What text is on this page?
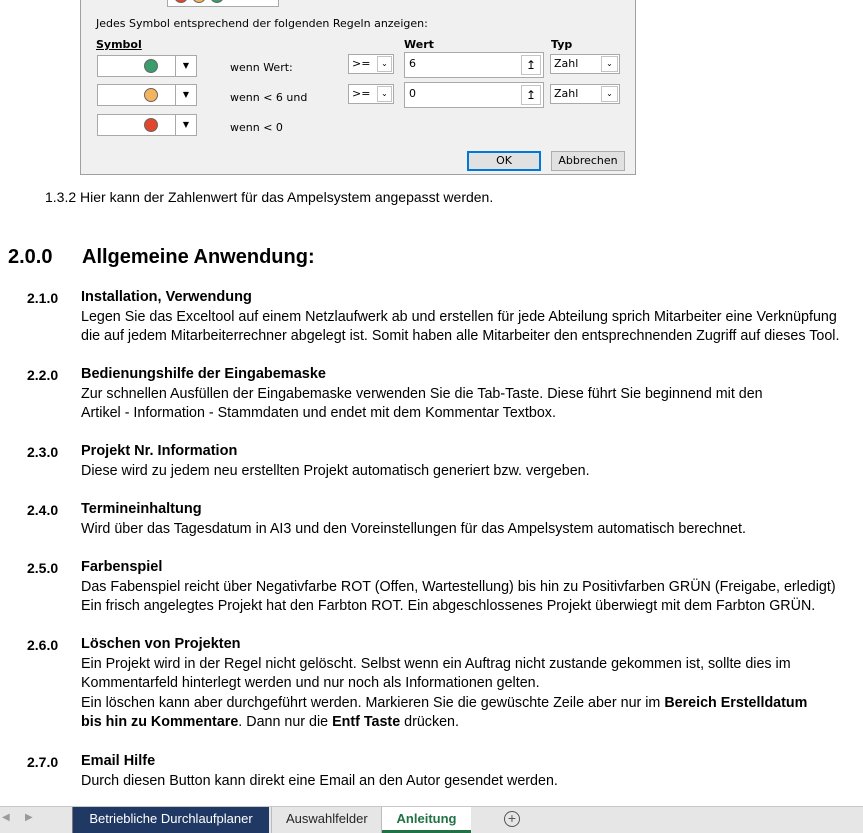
Jedes Symbol entsprechend der folgenden Regeln anzeigen:
Symbol	Wert	Typ
▼	wenn Wert:	>=	⌄	6	↥	Zahl	⌄
▼	wenn < 6 und	>=	⌄	0	↥	Zahl	⌄
▼	wenn < 0
OK	Abbrechen
1.3.2 Hier kann der Zahlenwert für das Ampelsystem angepasst werden.
2.0.0 Allgemeine Anwendung:
2.1.0 Installation, Verwendung

Legen Sie das Exceltool auf einem Netzlaufwerk ab und erstellen für jede Abteilung sprich Mitarbeiter eine Verknüpfung

die auf jedem Mitarbeiterrechner abgelegt ist. Somit haben alle Mitarbeiter den entsprechnenden Zugriff auf dieses Tool.

2.2.0 Bedienungshilfe der Eingabemaske

Zur schnellen Ausfüllen der Eingabemaske verwenden Sie die Tab-Taste. Diese führt Sie beginnend mit den

Artikel - Information - Stammdaten und endet mit dem Kommentar Textbox.

2.3.0 Projekt Nr. Information

Diese wird zu jedem neu erstellten Projekt automatisch generiert bzw. vergeben.

2.4.0 Termineinhaltung

Wird über das Tagesdatum in AI3 und den Voreinstellungen für das Ampelsystem automatisch berechnet.

2.5.0 Farbenspiel

Das Fabenspiel reicht über Negativfarbe ROT (Offen, Wartestellung) bis hin zu Positivfarben GRÜN (Freigabe, erledigt)

Ein frisch angelegtes Projekt hat den Farbton ROT. Ein abgeschlossenes Projekt überwiegt mit dem Farbton GRÜN.

2.6.0 Löschen von Projekten

Ein Projekt wird in der Regel nicht gelöscht. Selbst wenn ein Auftrag nicht zustande gekommen ist, sollte dies im

Kommentarfeld hinterlegt werden und nur noch als Informationen gelten.

Ein löschen kann aber durchgeführt werden. Markieren Sie die gewüschte Zeile aber nur im Bereich Erstelldatum

bis hin zu Kommentare. Dann nur die Entf Taste drücken.

2.7.0 Email Hilfe

Durch diesen Button kann direkt eine Email an den Autor gesendet werden.

◀ ▶	Betriebliche Durchlaufplaner	Auswahlfelder	Anleitung	+
